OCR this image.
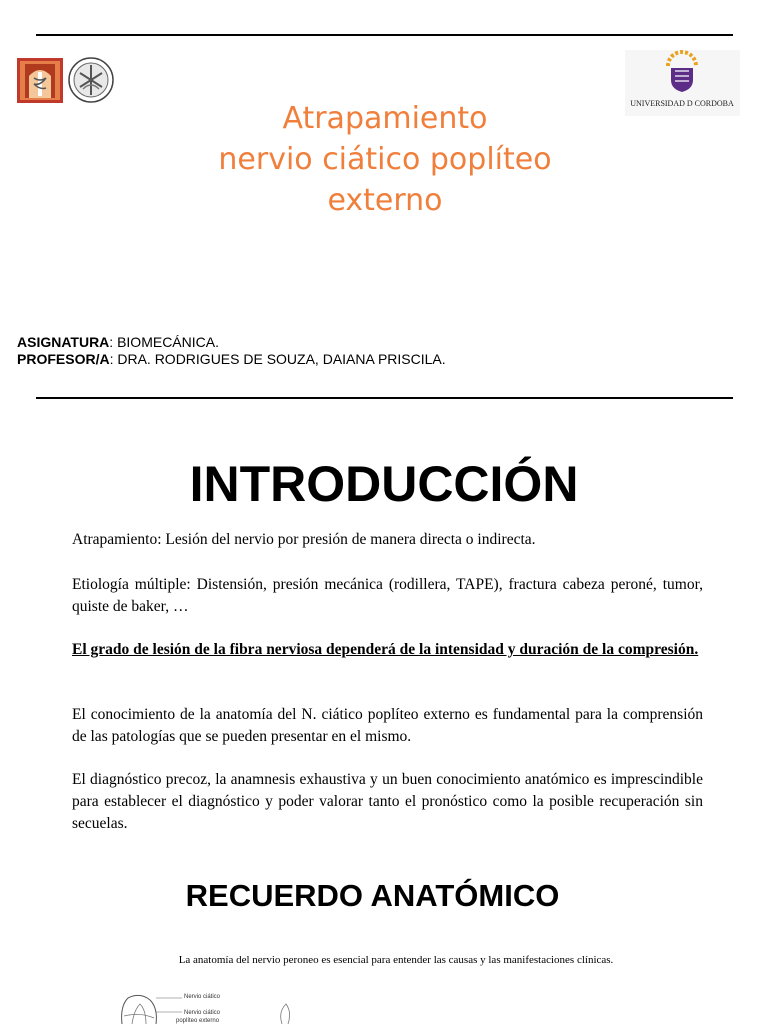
UNIVERSIDAD D CORDOBA
Atrapamiento
nervio ciático poplíteo
externo
ASIGNATURA: BIOMECÁNICA.
PROFESOR/A: DRA. RODRIGUES DE SOUZA, DAIANA PRISCILA.
INTRODUCCIÓN
Atrapamiento: Lesión del nervio por presión de manera directa o indirecta.
Etiología múltiple: Distensión, presión mecánica (rodillera, TAPE), fractura cabeza peroné, tumor, quiste de baker, …
El grado de lesión de la fibra nerviosa dependerá de la intensidad y duración de la compresión.
El conocimiento de la anatomía del N. ciático poplíteo externo es fundamental para la comprensión de las patologías que se pueden presentar en el mismo.
El diagnóstico precoz, la anamnesis exhaustiva y un buen conocimiento anatómico es imprescindible para establecer el diagnóstico y poder valorar tanto el pronóstico como la posible recuperación sin secuelas.
RECUERDO ANATÓMICO
La anatomía del nervio peroneo es esencial para entender las causas y las manifestaciones clínicas.
Nervio ciático
Nervio ciático
poplíteo externo
